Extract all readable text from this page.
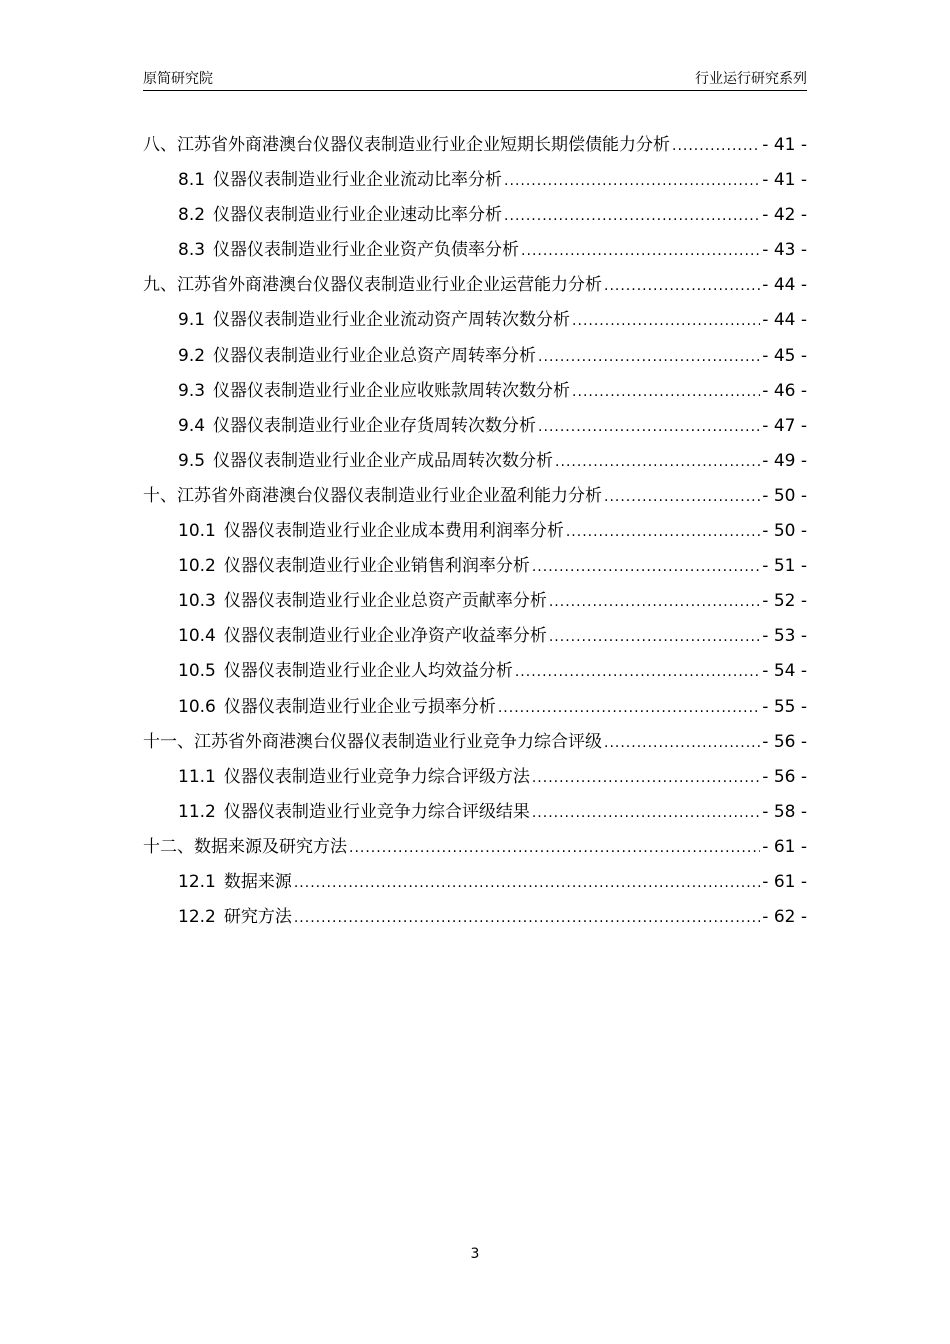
原简研究院	行业运行研究系列
八、江苏省外商港澳台仪器仪表制造业行业企业短期长期偿债能力分析 .....	- 41 -
8.1 仪器仪表制造业行业企业流动比率分析 .....	- 41 -
8.2 仪器仪表制造业行业企业速动比率分析 .....	- 42 -
8.3 仪器仪表制造业行业企业资产负债率分析 .....	- 43 -
九、江苏省外商港澳台仪器仪表制造业行业企业运营能力分析 .....	- 44 -
9.1 仪器仪表制造业行业企业流动资产周转次数分析 .....	- 44 -
9.2 仪器仪表制造业行业企业总资产周转率分析 .....	- 45 -
9.3 仪器仪表制造业行业企业应收账款周转次数分析 .....	- 46 -
9.4 仪器仪表制造业行业企业存货周转次数分析 .....	- 47 -
9.5 仪器仪表制造业行业企业产成品周转次数分析 .....	- 49 -
十、江苏省外商港澳台仪器仪表制造业行业企业盈利能力分析 .....	- 50 -
10.1 仪器仪表制造业行业企业成本费用利润率分析 .....	- 50 -
10.2 仪器仪表制造业行业企业销售利润率分析 .....	- 51 -
10.3 仪器仪表制造业行业企业总资产贡献率分析 .....	- 52 -
10.4 仪器仪表制造业行业企业净资产收益率分析 .....	- 53 -
10.5 仪器仪表制造业行业企业人均效益分析 .....	- 54 -
10.6 仪器仪表制造业行业企业亏损率分析 .....	- 55 -
十一、江苏省外商港澳台仪器仪表制造业行业竞争力综合评级 .....	- 56 -
11.1 仪器仪表制造业行业竞争力综合评级方法 .....	- 56 -
11.2 仪器仪表制造业行业竞争力综合评级结果 .....	- 58 -
十二、数据来源及研究方法 .....	- 61 -
12.1 数据来源 .....	- 61 -
12.2 研究方法 .....	- 62 -
3
